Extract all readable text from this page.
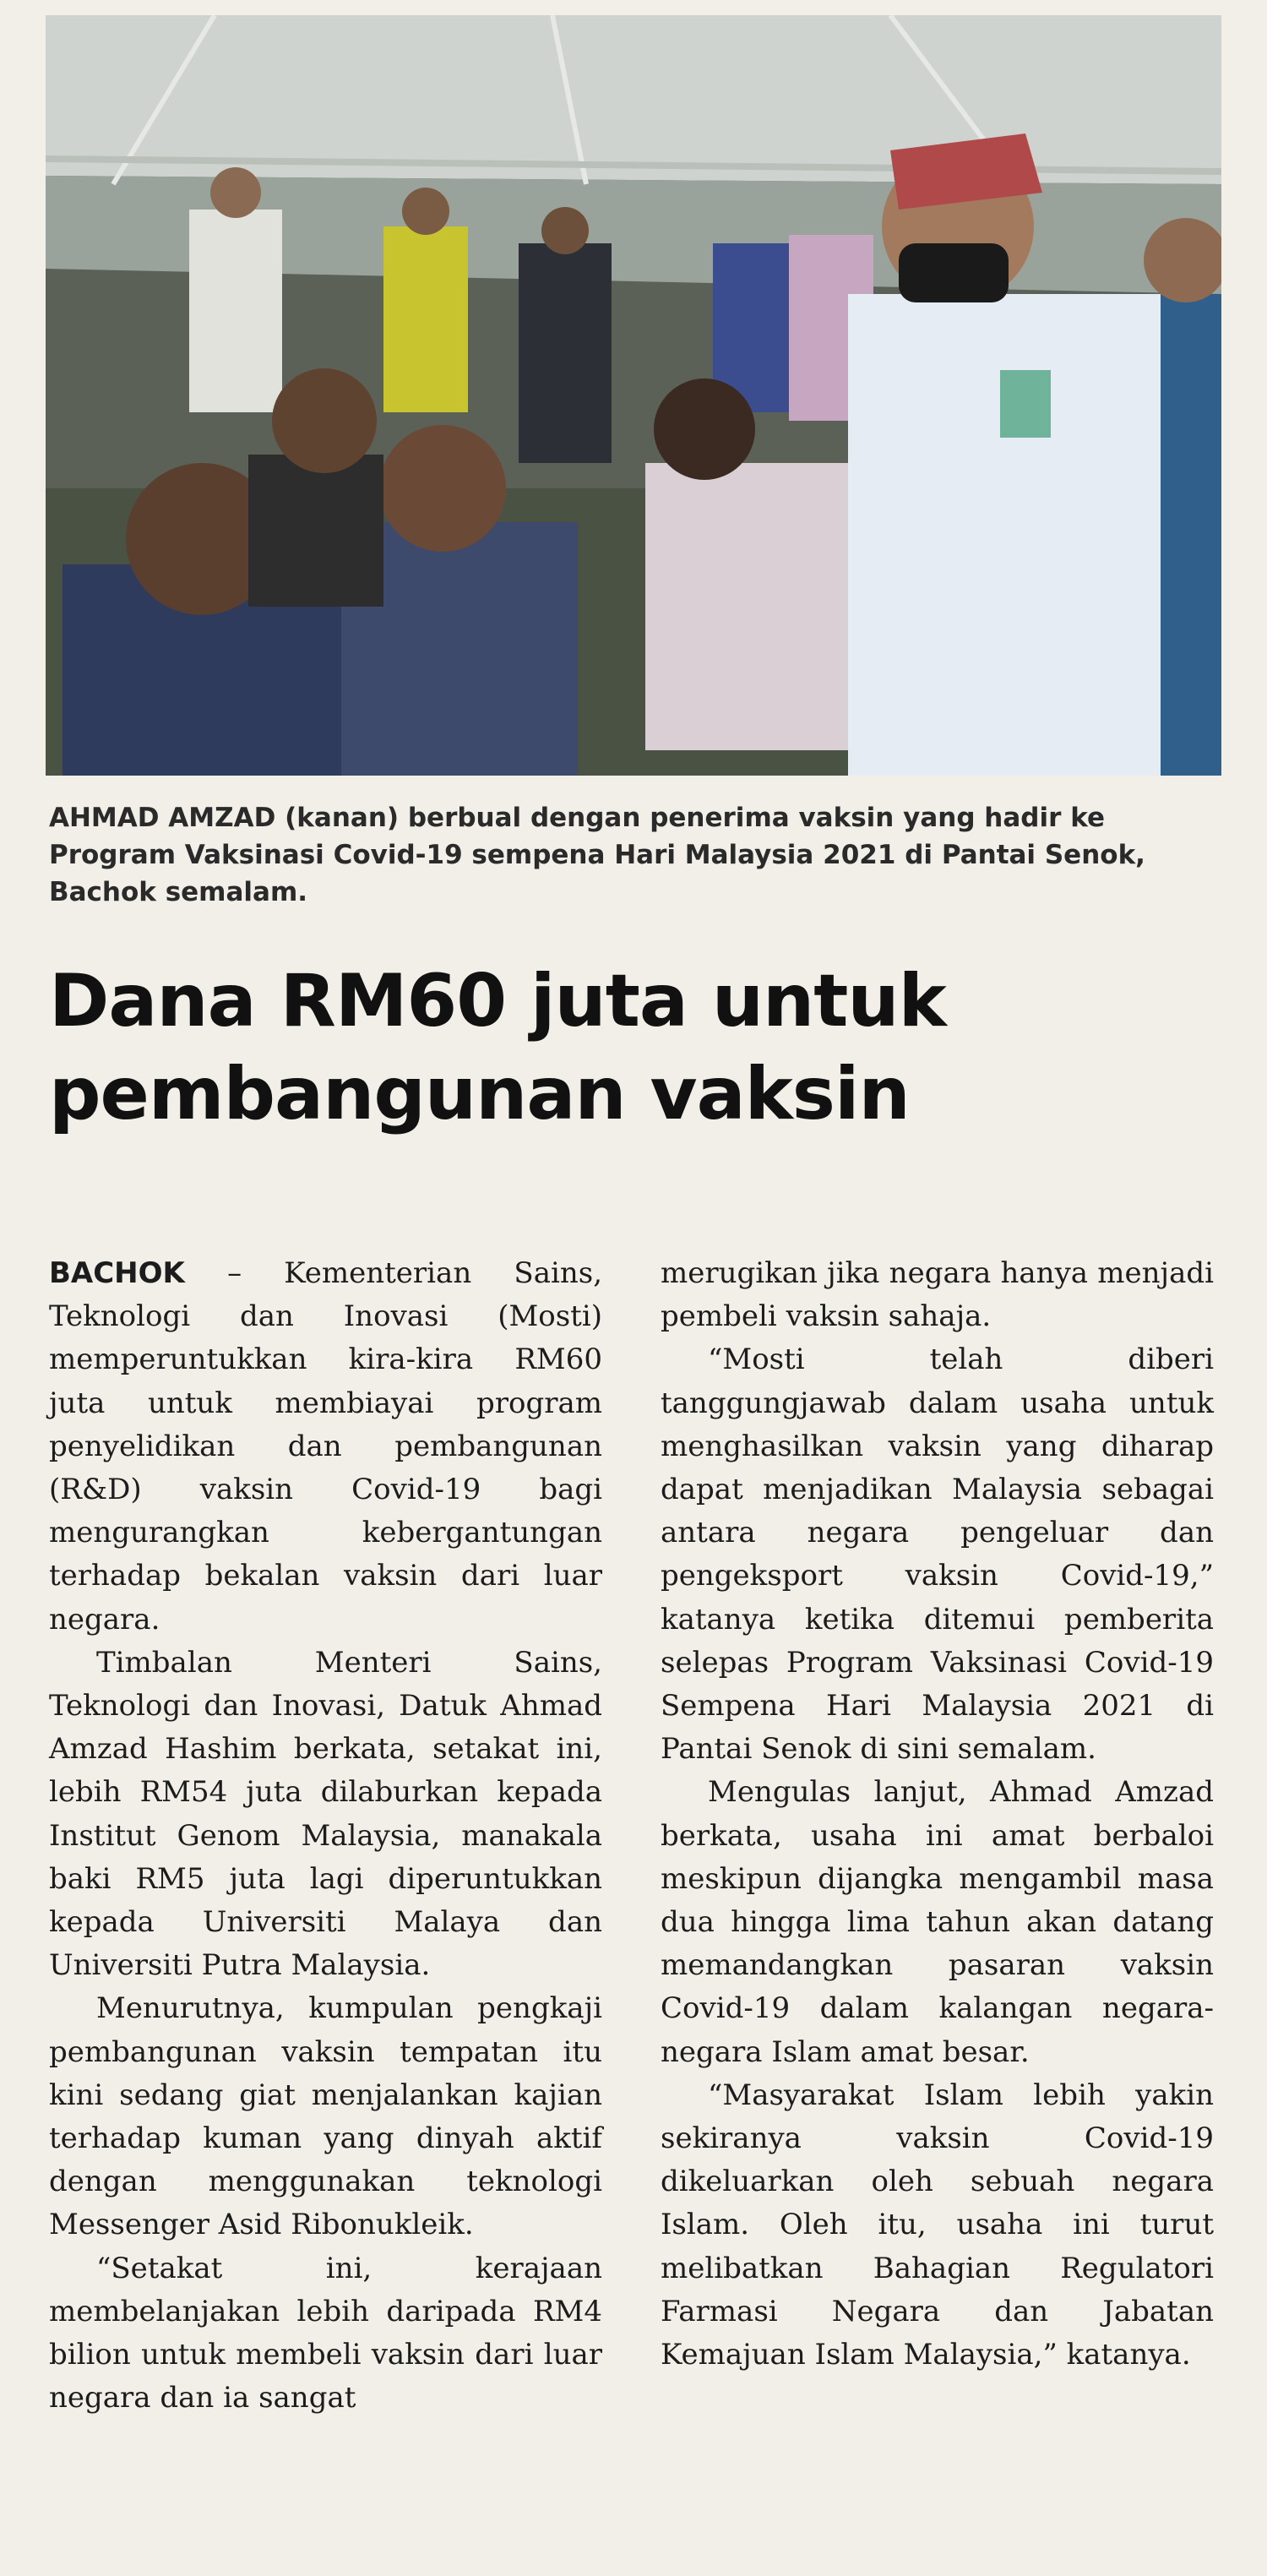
AHMAD AMZAD (kanan) berbual dengan penerima vaksin yang hadir ke Program Vaksinasi Covid-19 sempena Hari Malaysia 2021 di Pantai Senok, Bachok semalam.
Dana RM60 juta untuk
pembangunan vaksin

BACHOK – Kementerian Sains, Teknologi dan Inovasi (Mosti) memperuntukkan kira-kira RM60 juta untuk membiayai program penyelidikan dan pembangunan (R&D) vaksin Covid-19 bagi mengurangkan kebergantungan terhadap bekalan vaksin dari luar negara.

Timbalan Menteri Sains, Teknologi dan Inovasi, Datuk Ahmad Amzad Hashim berkata, setakat ini, lebih RM54 juta dilaburkan kepada Institut Genom Malaysia, manakala baki RM5 juta lagi diperuntukkan kepada Universiti Malaya dan Universiti Putra Malaysia.

Menurutnya, kumpulan pengkaji pembangunan vaksin tempatan itu kini sedang giat menjalankan kajian terhadap kuman yang dinyah aktif dengan menggunakan teknologi Messenger Asid Ribonukleik.

“Setakat ini, kerajaan membelanjakan lebih daripada RM4 bilion untuk membeli vaksin dari luar negara dan ia sangat

merugikan jika negara hanya menjadi pembeli vaksin sahaja.

“Mosti telah diberi tanggungjawab dalam usaha untuk menghasilkan vaksin yang diharap dapat menjadikan Malaysia sebagai antara negara pengeluar dan pengeksport vaksin Covid-19,” katanya ketika ditemui pemberita selepas Program Vaksinasi Covid-19 Sempena Hari Malaysia 2021 di Pantai Senok di sini semalam.

Mengulas lanjut, Ahmad Amzad berkata, usaha ini amat berbaloi meskipun dijangka mengambil masa dua hingga lima tahun akan datang memandangkan pasaran vaksin Covid-19 dalam kalangan negara-negara Islam amat besar.

“Masyarakat Islam lebih yakin sekiranya vaksin Covid-19 dikeluarkan oleh sebuah negara Islam. Oleh itu, usaha ini turut melibatkan Bahagian Regulatori Farmasi Negara dan Jabatan Kemajuan Islam Malaysia,” katanya.
